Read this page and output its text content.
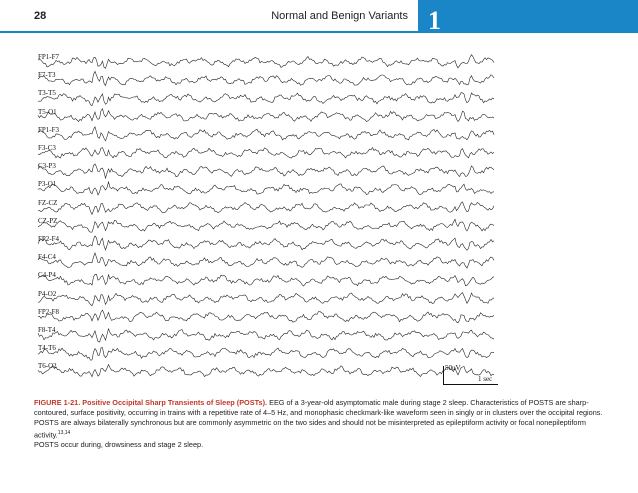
28	Normal and Benign Variants 1
FP1-F7
F7-T3
T3-T5
T5-O1
FP1-F3
F3-C3
C3-P3
P3-O1
FZ-CZ
CZ-PZ
FP2-F4
F4-C4
C4-P4
P4-O2
FP2-F8
F8-T4
T4-T6
T6-O2	50uV
1 sec
FIGURE 1-21. Positive Occipital Sharp Transients of Sleep (POSTs). EEG of a 3-year-old asymptomatic male during stage 2 sleep. Characteristics of POSTS are sharp-contoured, surface positivity, occurring in trains with a repetitive rate of 4–5 Hz, and monophasic checkmark-like waveform seen in singly or in clusters over the occipital regions. POSTS are always bilaterally synchronous but are commonly asymmetric on the two sides and should not be misinterpreted as epileptiform activity or focal nonepileptiform activity.$^{13,14}$
POSTS occur during, drowsiness and stage 2 sleep.
